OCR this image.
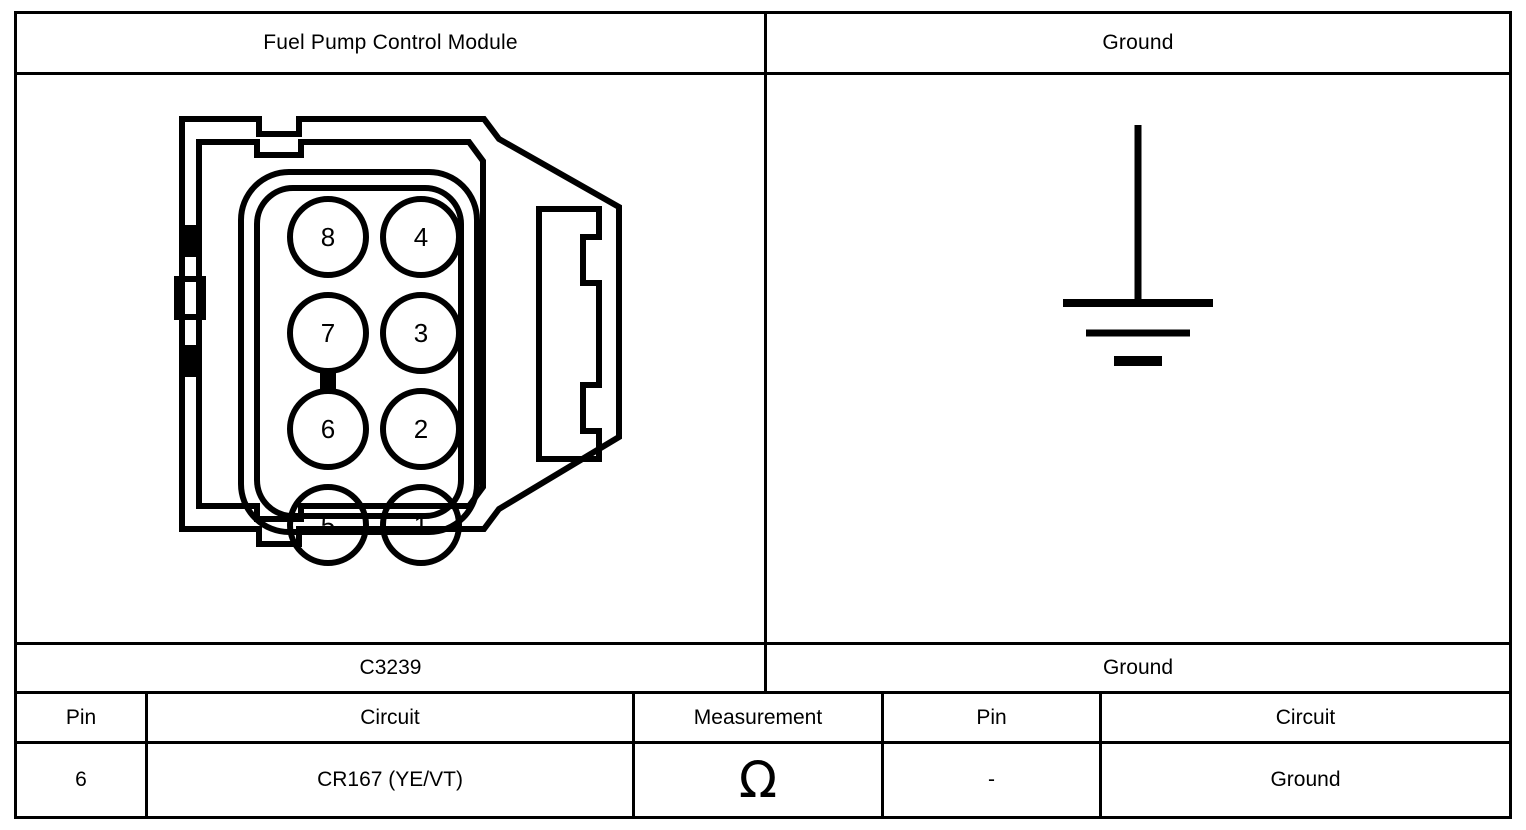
Fuel Pump Control Module	Ground
8	4
7	3
6	2
5	1
C3239	Ground
Pin	Circuit	Measurement	Pin	Circuit
6	CR167 (YE/VT)	Ω	-	Ground
